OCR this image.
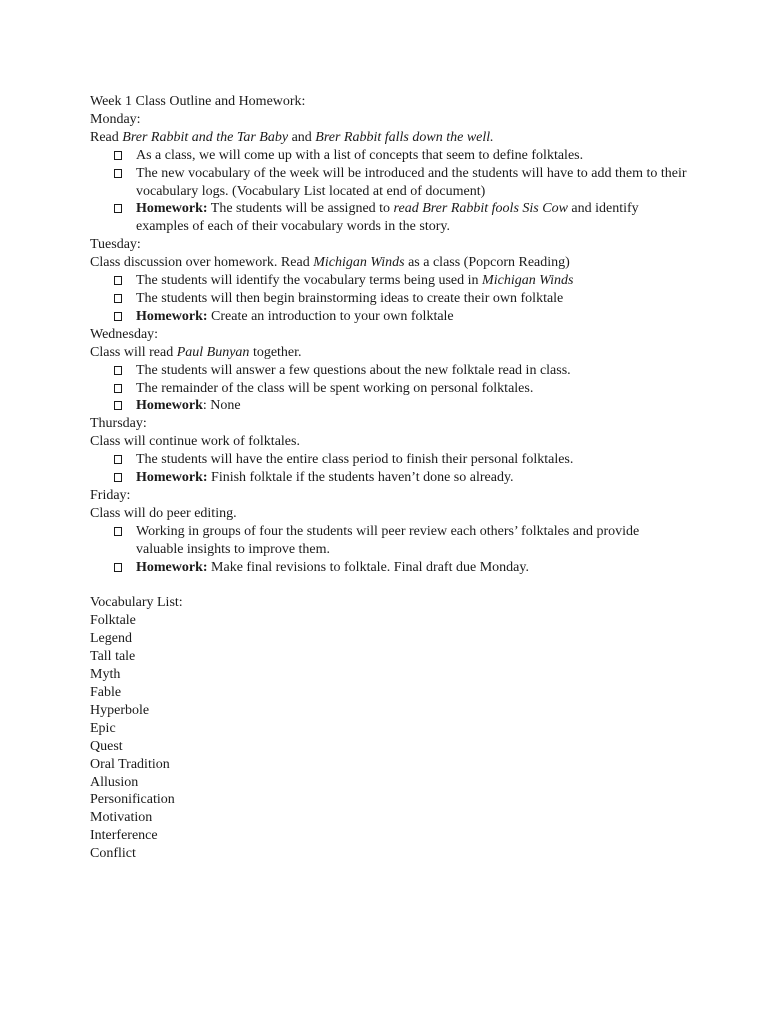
Week 1 Class Outline and Homework:

Monday:

Read Brer Rabbit and the Tar Baby and Brer Rabbit falls down the well.

As a class, we will come up with a list of concepts that seem to define folktales.
The new vocabulary of the week will be introduced and the students will have to add them to their vocabulary logs. (Vocabulary List located at end of document)
Homework: The students will be assigned to read Brer Rabbit fools Sis Cow and identify examples of each of their vocabulary words in the story.

Tuesday:

Class discussion over homework. Read Michigan Winds as a class (Popcorn Reading)

The students will identify the vocabulary terms being used in Michigan Winds
The students will then begin brainstorming ideas to create their own folktale
Homework: Create an introduction to your own folktale

Wednesday:

Class will read Paul Bunyan together.

The students will answer a few questions about the new folktale read in class.
The remainder of the class will be spent working on personal folktales.
Homework: None

Thursday:

Class will continue work of folktales.

The students will have the entire class period to finish their personal folktales.
Homework: Finish folktale if the students haven’t done so already.

Friday:

Class will do peer editing.

Working in groups of four the students will peer review each others’ folktales and provide valuable insights to improve them.
Homework: Make final revisions to folktale. Final draft due Monday.

Vocabulary List:

Folktale

Legend

Tall tale

Myth

Fable

Hyperbole

Epic

Quest

Oral Tradition

Allusion

Personification

Motivation

Interference

Conflict
